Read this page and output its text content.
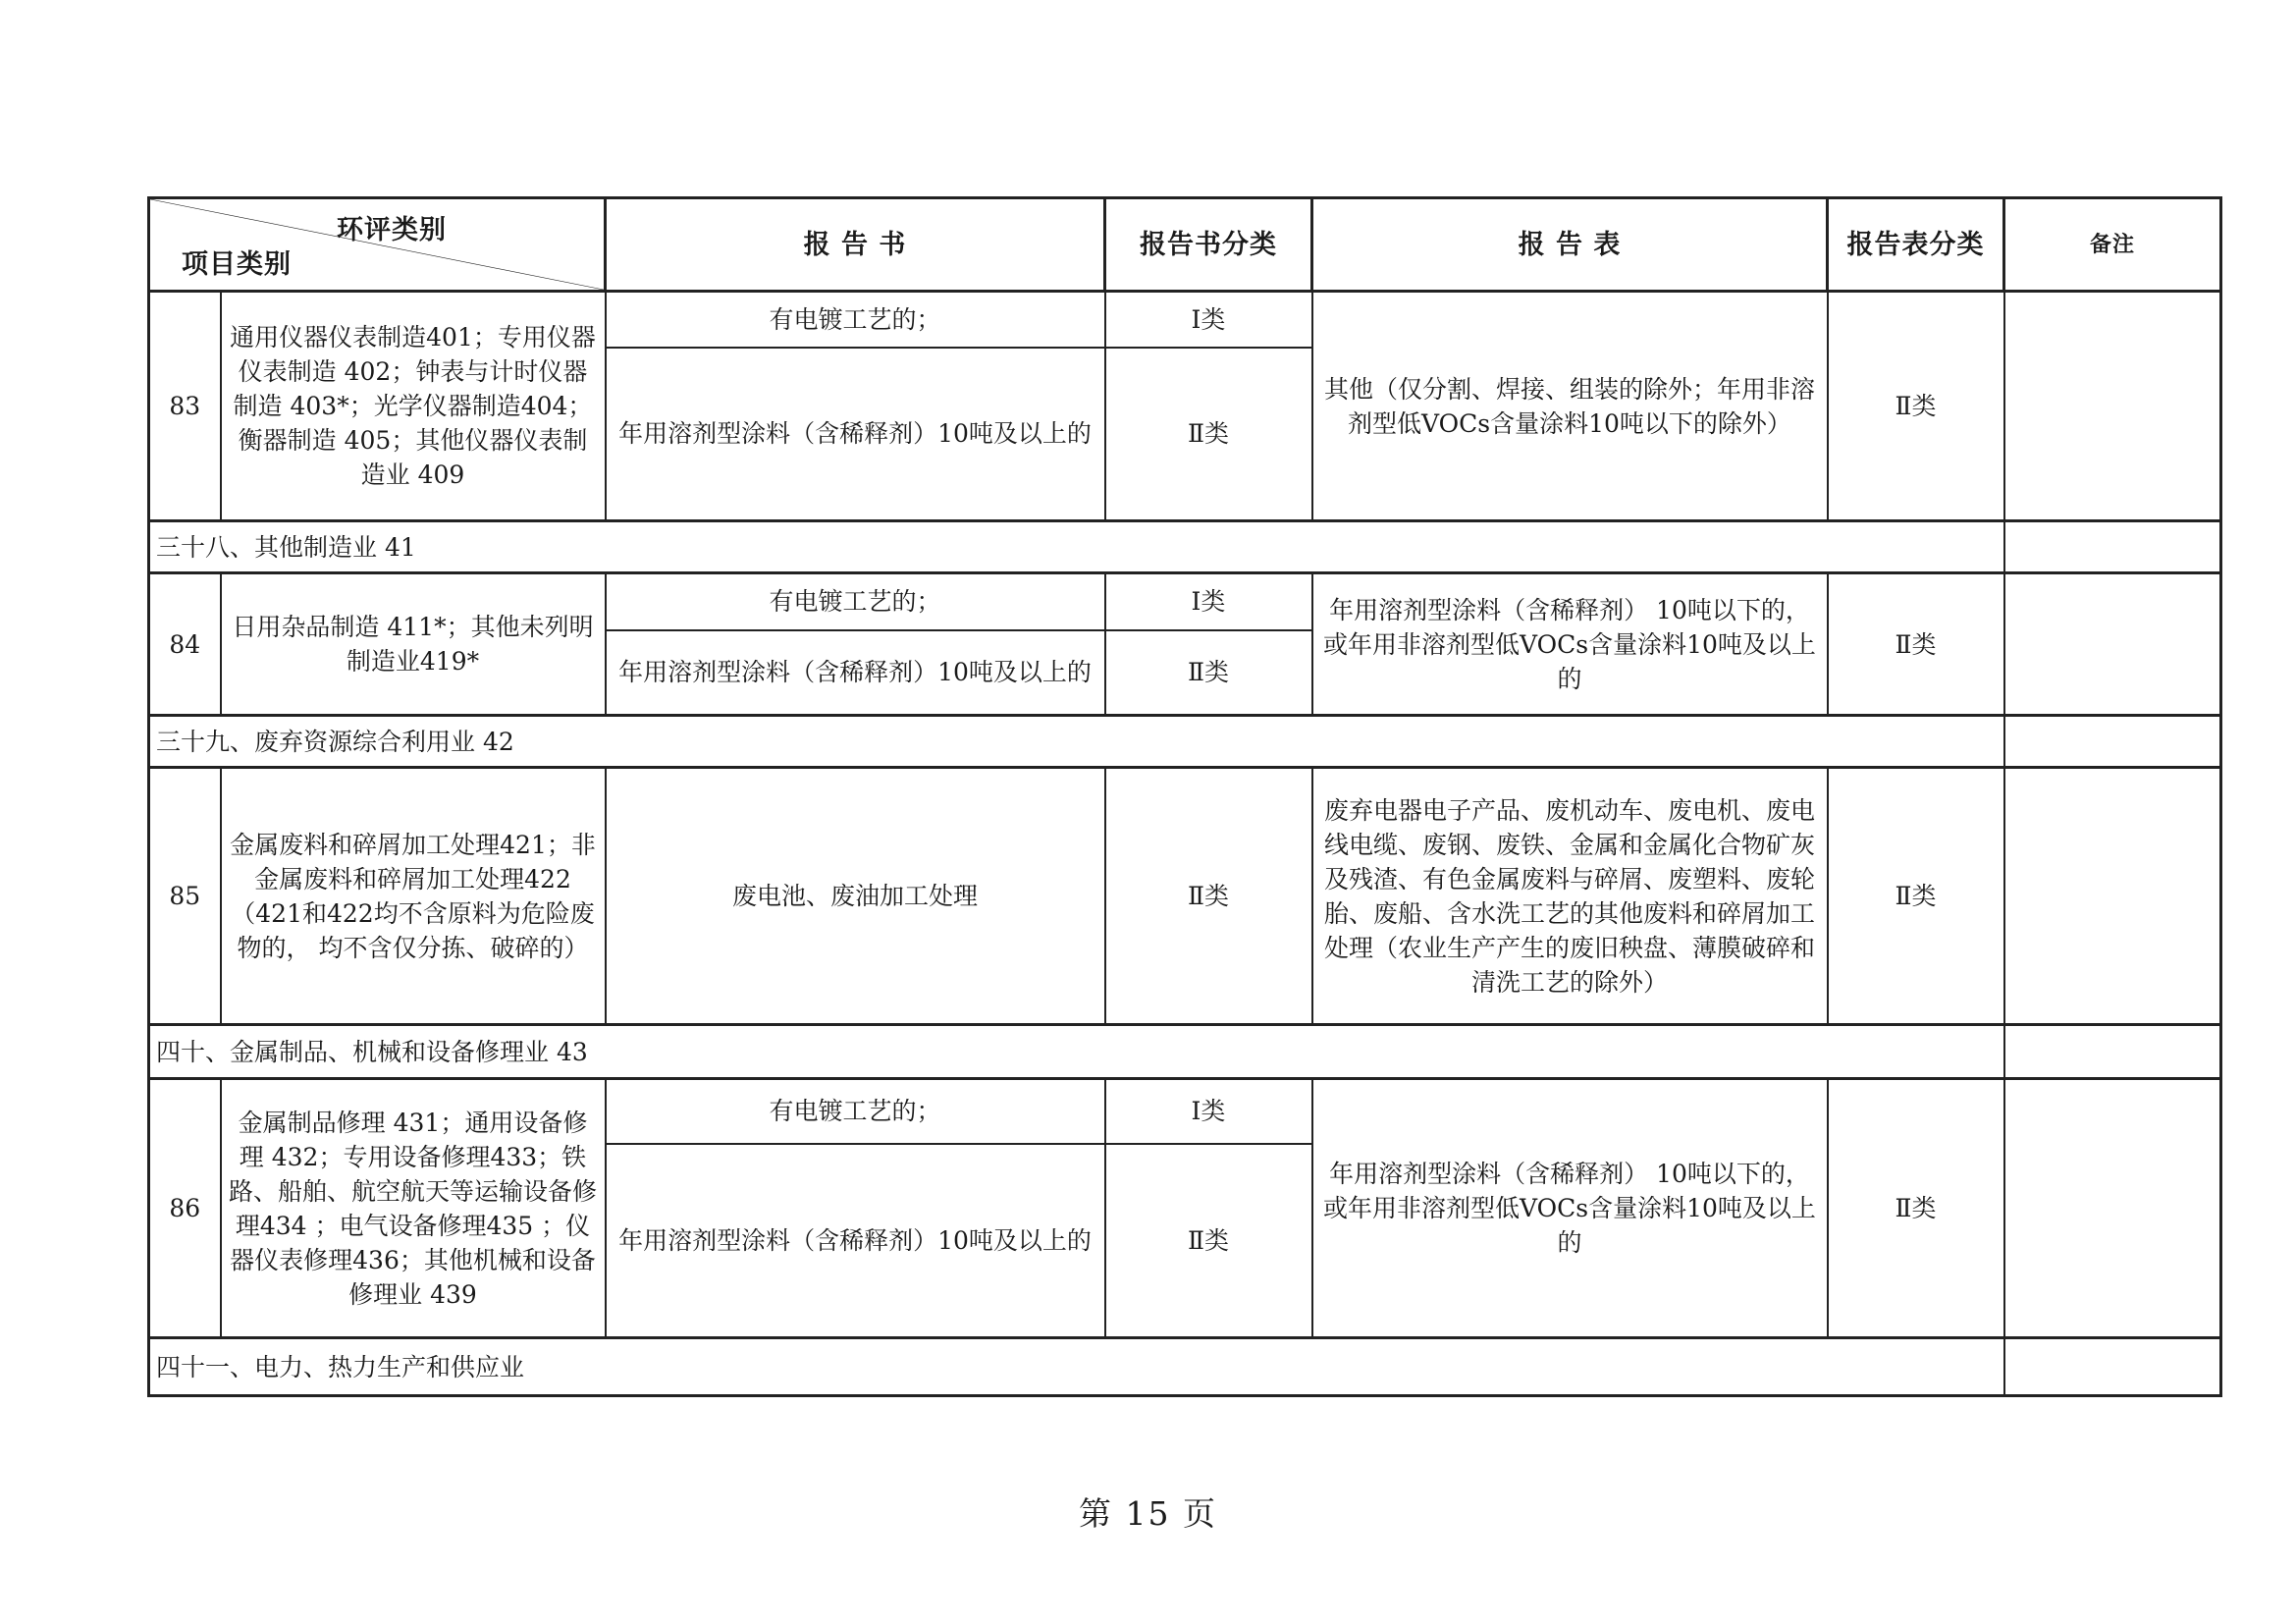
环评类别
项目类别		报 告 书	报告书分类	报 告 表	报告表分类	备注
83	通用仪器仪表制造401；专用仪器仪表制造 402；钟表与计时仪器制造 403*；光学仪器制造404；衡器制造 405；其他仪器仪表制造业 409	有电镀工艺的；	Ⅰ类	其他（仅分割、焊接、组装的除外；年用非溶剂型低VOCs含量涂料10吨以下的除外）	Ⅱ类	
		年用溶剂型涂料（含稀释剂）10吨及以上的	Ⅱ类			
三十八、其他制造业 41						
84	日用杂品制造 411*；其他未列明制造业419*	有电镀工艺的；	Ⅰ类	年用溶剂型涂料（含稀释剂） 10吨以下的，或年用非溶剂型低VOCs含量涂料10吨及以上的	Ⅱ类	
		年用溶剂型涂料（含稀释剂）10吨及以上的	Ⅱ类			
三十九、废弃资源综合利用业 42						
85	金属废料和碎屑加工处理421；非金属废料和碎屑加工处理422（421和422均不含原料为危险废物的， 均不含仅分拣、破碎的）	废电池、废油加工处理	Ⅱ类	废弃电器电子产品、废机动车、废电机、废电线电缆、废钢、废铁、金属和金属化合物矿灰及残渣、有色金属废料与碎屑、废塑料、废轮胎、废船、含水洗工艺的其他废料和碎屑加工处理（农业生产产生的废旧秧盘、薄膜破碎和清洗工艺的除外）	Ⅱ类	
四十、金属制品、机械和设备修理业 43						
86	金属制品修理 431；通用设备修理 432；专用设备修理433；铁路、船舶、航空航天等运输设备修理434 ；电气设备修理435 ；仪器仪表修理436；其他机械和设备修理业 439	有电镀工艺的；	Ⅰ类	年用溶剂型涂料（含稀释剂） 10吨以下的，或年用非溶剂型低VOCs含量涂料10吨及以上的	Ⅱ类	
		年用溶剂型涂料（含稀释剂）10吨及以上的	Ⅱ类			
四十一、电力、热力生产和供应业						
第 15 页
